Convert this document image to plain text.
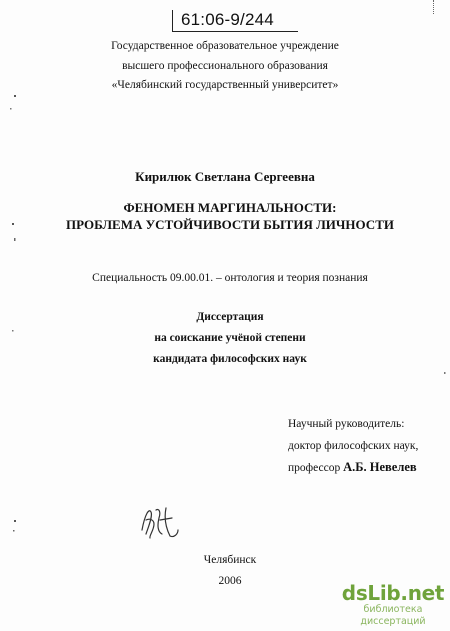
61:06-9/244
Государственное образовательное учреждение
высшего профессионального образования
«Челябинский государственный университет»
Кирилюк Светлана Сергеевна
ФЕНОМЕН МАРГИНАЛЬНОСТИ:
ПРОБЛЕМА УСТОЙЧИВОСТИ БЫТИЯ ЛИЧНОСТИ
Специальность 09.00.01. – онтология и теория познания
Диссертация
на соискание учёной степени
кандидата философских наук
Научный руководитель:
доктор философских наук,
профессор А.Б. Невелев
Челябинск
2006	dsLib.net
библиотека диссертаций
